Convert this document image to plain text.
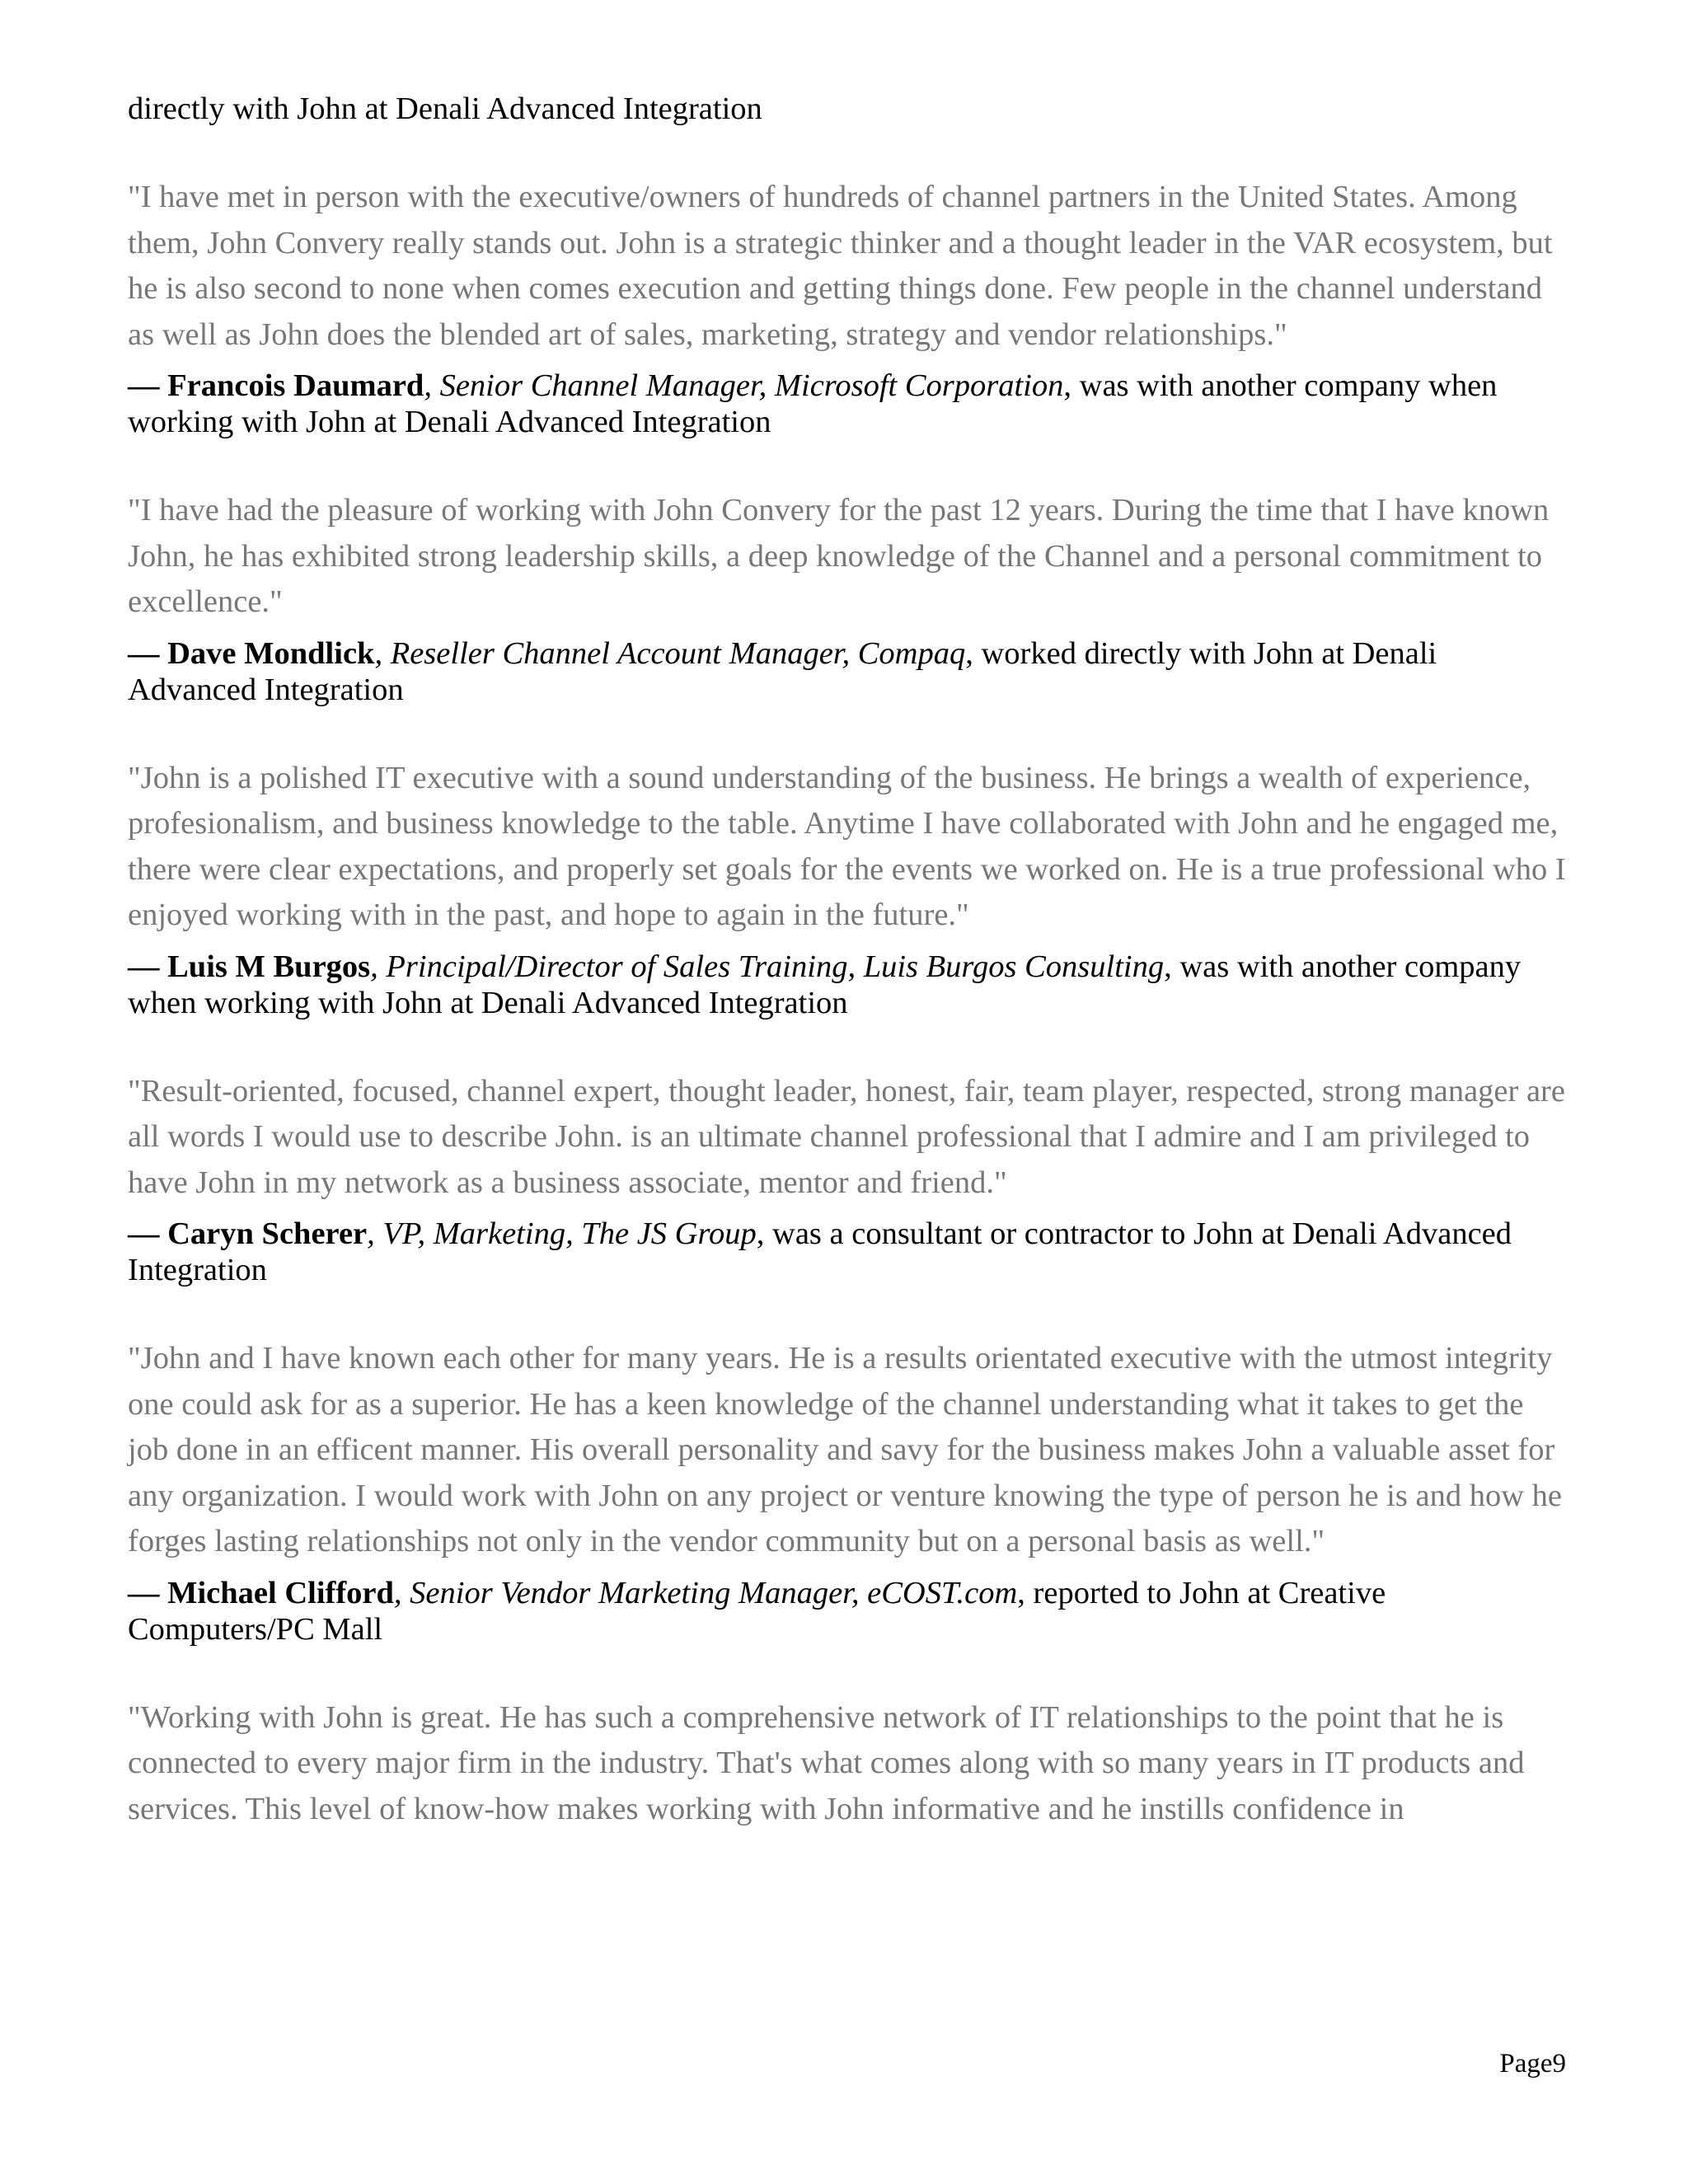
directly with John at Denali Advanced Integration

"I have met in person with the executive/owners of hundreds of channel partners in the United States. Among them, John Convery really stands out. John is a strategic thinker and a thought leader in the VAR ecosystem, but he is also second to none when comes execution and getting things done. Few people in the channel understand as well as John does the blended art of sales, marketing, strategy and vendor relationships."

— Francois Daumard, Senior Channel Manager, Microsoft Corporation, was with another company when working with John at Denali Advanced Integration

"I have had the pleasure of working with John Convery for the past 12 years. During the time that I have known John, he has exhibited strong leadership skills, a deep knowledge of the Channel and a personal commitment to excellence."

— Dave Mondlick, Reseller Channel Account Manager, Compaq, worked directly with John at Denali Advanced Integration

"John is a polished IT executive with a sound understanding of the business. He brings a wealth of experience, profesionalism, and business knowledge to the table. Anytime I have collaborated with John and he engaged me, there were clear expectations, and properly set goals for the events we worked on. He is a true professional who I enjoyed working with in the past, and hope to again in the future."

— Luis M Burgos, Principal/Director of Sales Training, Luis Burgos Consulting, was with another company when working with John at Denali Advanced Integration

"Result-oriented, focused, channel expert, thought leader, honest, fair, team player, respected, strong manager are all words I would use to describe John. is an ultimate channel professional that I admire and I am privileged to have John in my network as a business associate, mentor and friend."

— Caryn Scherer, VP, Marketing, The JS Group, was a consultant or contractor to John at Denali Advanced Integration

"John and I have known each other for many years. He is a results orientated executive with the utmost integrity one could ask for as a superior. He has a keen knowledge of the channel understanding what it takes to get the job done in an efficent manner. His overall personality and savy for the business makes John a valuable asset for any organization. I would work with John on any project or venture knowing the type of person he is and how he forges lasting relationships not only in the vendor community but on a personal basis as well."

— Michael Clifford, Senior Vendor Marketing Manager, eCOST.com, reported to John at Creative Computers/PC Mall

"Working with John is great. He has such a comprehensive network of IT relationships to the point that he is connected to every major firm in the industry. That's what comes along with so many years in IT products and services. This level of know-how makes working with John informative and he instills confidence in

Page9
